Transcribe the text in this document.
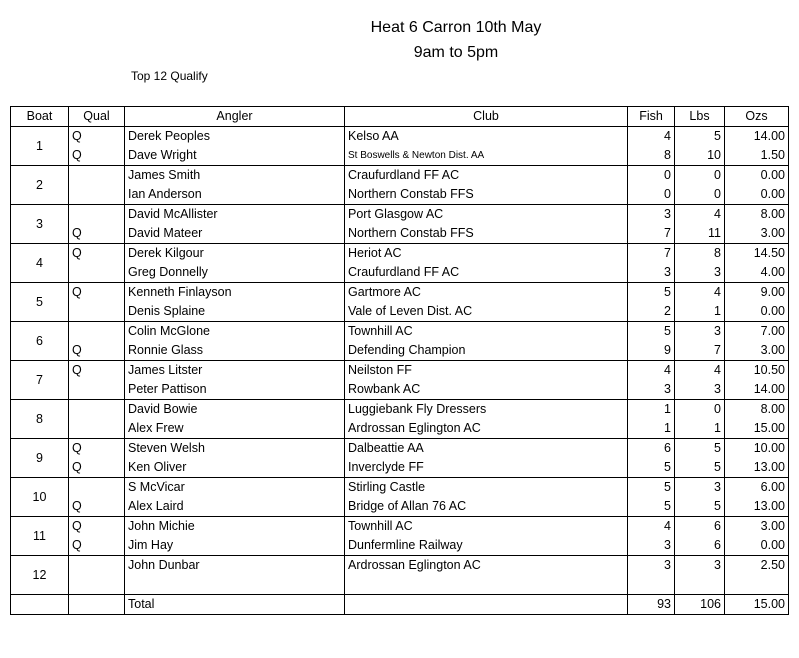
Heat 6 Carron 10th May
9am to 5pm
Top 12 Qualify
Boat	Qual	Angler	Club	Fish	Lbs	Ozs
1	Q	Derek Peoples	Kelso AA	4	5	14.00
	Q	Dave Wright	St Boswells & Newton Dist. AA	8	10	1.50
2		James Smith	Craufurdland FF AC	0	0	0.00
		Ian Anderson	Northern Constab FFS	0	0	0.00
3		David McAllister	Port Glasgow AC	3	4	8.00
	Q	David Mateer	Northern Constab FFS	7	11	3.00
4	Q	Derek Kilgour	Heriot AC	7	8	14.50
		Greg Donnelly	Craufurdland FF AC	3	3	4.00
5	Q	Kenneth Finlayson	Gartmore AC	5	4	9.00
		Denis Splaine	Vale of Leven Dist. AC	2	1	0.00
6		Colin McGlone	Townhill AC	5	3	7.00
	Q	Ronnie Glass	Defending Champion	9	7	3.00
7	Q	James Litster	Neilston FF	4	4	10.50
		Peter Pattison	Rowbank AC	3	3	14.00
8		David Bowie	Luggiebank Fly Dressers	1	0	8.00
		Alex Frew	Ardrossan Eglington AC	1	1	15.00
9	Q	Steven Welsh	Dalbeattie AA	6	5	10.00
	Q	Ken Oliver	Inverclyde FF	5	5	13.00
10		S McVicar	Stirling Castle	5	3	6.00
	Q	Alex Laird	Bridge of Allan 76 AC	5	5	13.00
11	Q	John Michie	Townhill AC	4	6	3.00
	Q	Jim Hay	Dunfermline Railway	3	6	0.00
12		John Dunbar	Ardrossan Eglington AC	3	3	2.50

		Total		93	106	15.00
